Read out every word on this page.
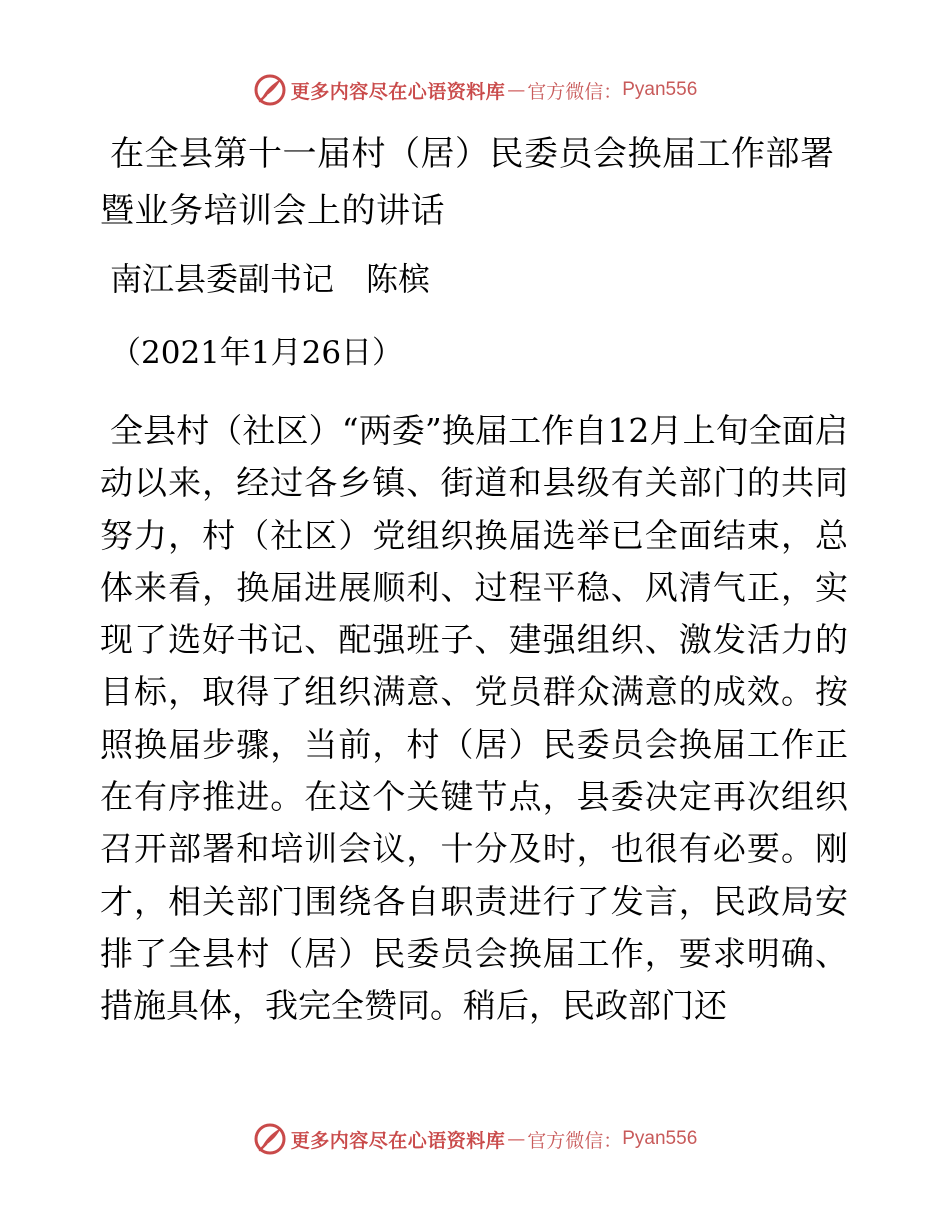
更多内容尽在心语资料库 — 官方微信： Pyan556
在全县第十一届村（居）民委员会换届工作部署
暨业务培训会上的讲话
南江县委副书记　陈槟
（2021年1月26日）
全县村（社区）“两委”换届工作自12月上旬全面启动以来，经过各乡镇、街道和县级有关部门的共同努力，村（社区）党组织换届选举已全面结束，总体来看，换届进展顺利、过程平稳、风清气正，实现了选好书记、配强班子、建强组织、激发活力的目标，取得了组织满意、党员群众满意的成效。按照换届步骤，当前，村（居）民委员会换届工作正在有序推进。在这个关键节点，县委决定再次组织召开部署和培训会议，十分及时，也很有必要。刚才，相关部门围绕各自职责进行了发言，民政局安排了全县村（居）民委员会换届工作，要求明确、措施具体，我完全赞同。稍后，民政部门还
更多内容尽在心语资料库 — 官方微信： Pyan556
